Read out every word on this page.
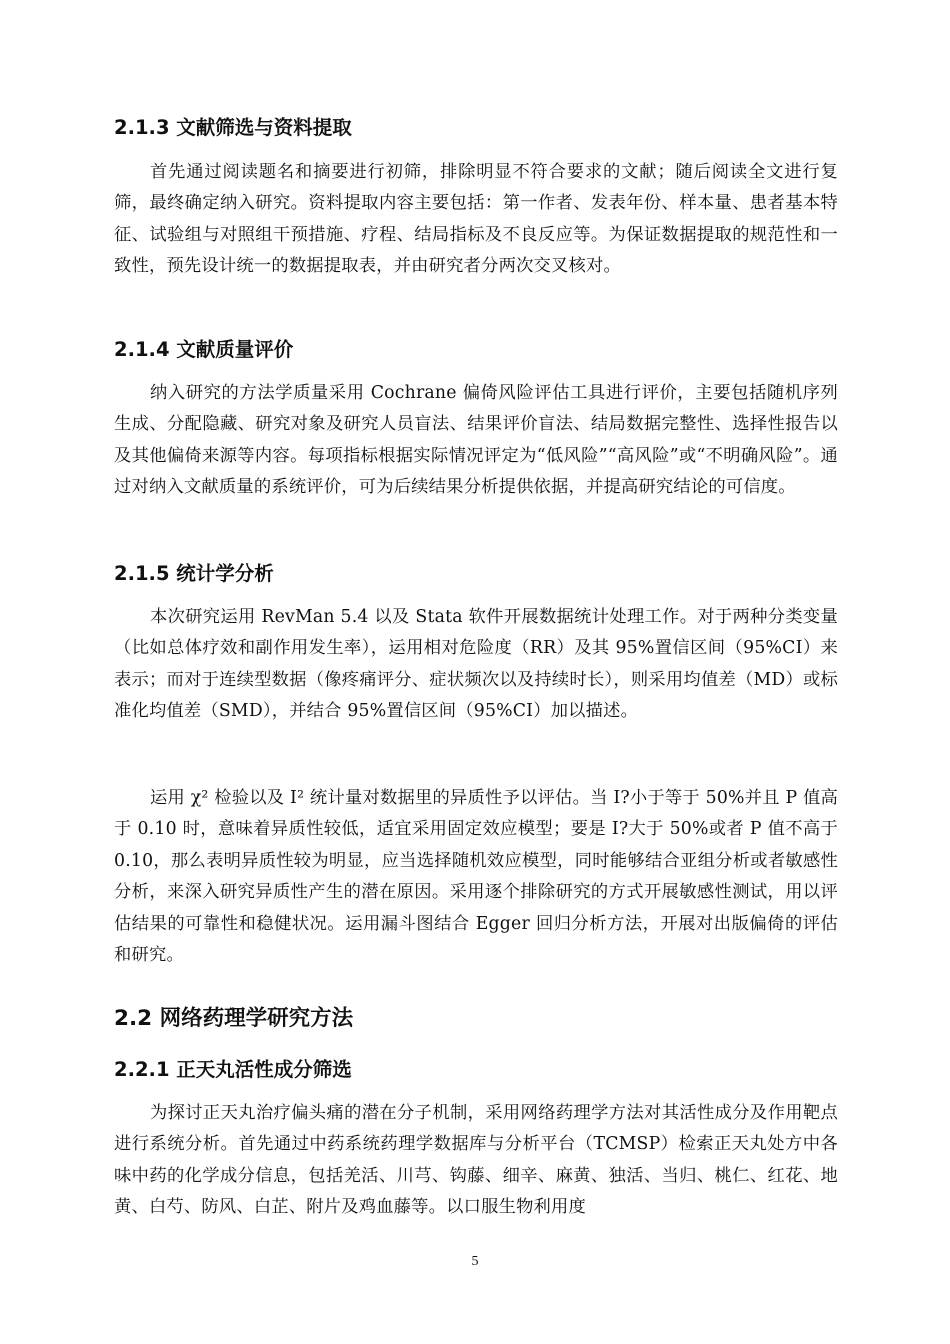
2.1.3 文献筛选与资料提取

首先通过阅读题名和摘要进行初筛，排除明显不符合要求的文献；随后阅读全文进行复筛，最终确定纳入研究。资料提取内容主要包括：第一作者、发表年份、样本量、患者基本特征、试验组与对照组干预措施、疗程、结局指标及不良反应等。为保证数据提取的规范性和一致性，预先设计统一的数据提取表，并由研究者分两次交叉核对。

2.1.4 文献质量评价

纳入研究的方法学质量采用 Cochrane 偏倚风险评估工具进行评价，主要包括随机序列生成、分配隐藏、研究对象及研究人员盲法、结果评价盲法、结局数据完整性、选择性报告以及其他偏倚来源等内容。每项指标根据实际情况评定为“低风险”“高风险”或“不明确风险”。通过对纳入文献质量的系统评价，可为后续结果分析提供依据，并提高研究结论的可信度。

2.1.5 统计学分析

本次研究运用 RevMan 5.4 以及 Stata 软件开展数据统计处理工作。对于两种分类变量（比如总体疗效和副作用发生率），运用相对危险度（RR）及其 95%置信区间（95%CI）来表示；而对于连续型数据（像疼痛评分、症状频次以及持续时长），则采用均值差（MD）或标准化均值差（SMD），并结合 95%置信区间（95%CI）加以描述。

运用 χ² 检验以及 I² 统计量对数据里的异质性予以评估。当 I?小于等于 50%并且 P 值高于 0.10 时，意味着异质性较低，适宜采用固定效应模型；要是 I?大于 50%或者 P 值不高于 0.10，那么表明异质性较为明显，应当选择随机效应模型，同时能够结合亚组分析或者敏感性分析，来深入研究异质性产生的潜在原因。采用逐个排除研究的方式开展敏感性测试，用以评估结果的可靠性和稳健状况。运用漏斗图结合 Egger 回归分析方法，开展对出版偏倚的评估和研究。

2.2 网络药理学研究方法
2.2.1 正天丸活性成分筛选

为探讨正天丸治疗偏头痛的潜在分子机制，采用网络药理学方法对其活性成分及作用靶点进行系统分析。首先通过中药系统药理学数据库与分析平台（TCMSP）检索正天丸处方中各味中药的化学成分信息，包括羌活、川芎、钩藤、细辛、麻黄、独活、当归、桃仁、红花、地黄、白芍、防风、白芷、附片及鸡血藤等。以口服生物利用度

5
